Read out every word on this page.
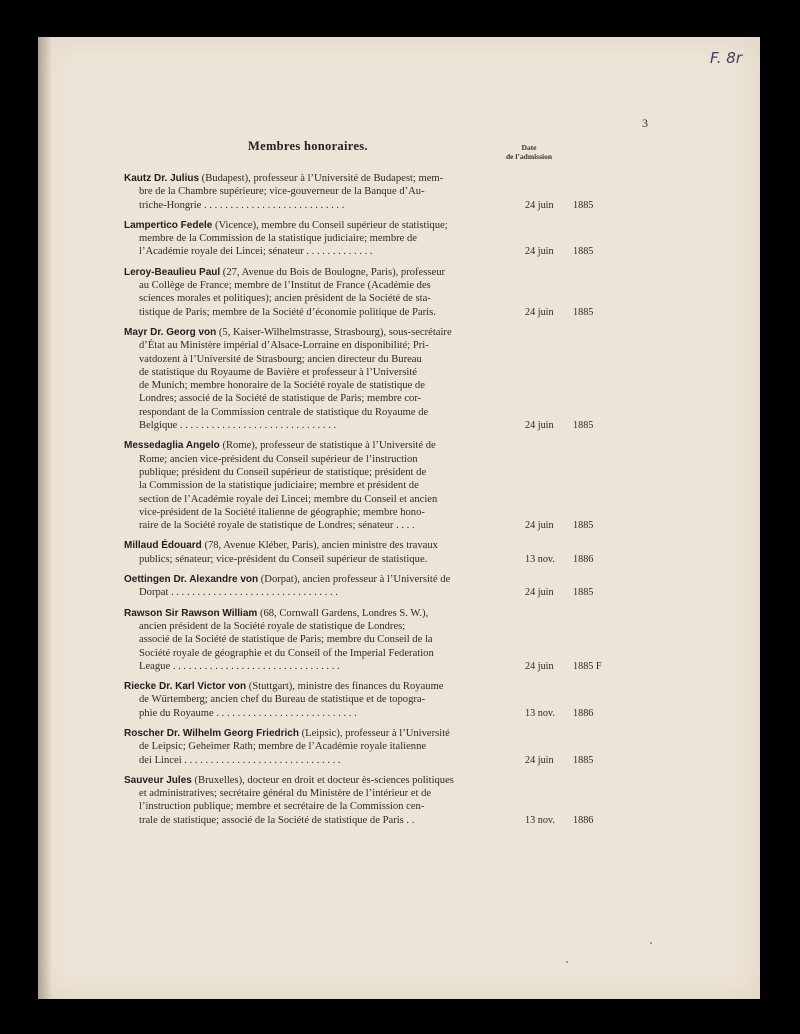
F. 8r
3
Membres honoraires.	Date
de l’admission
Kautz Dr. Julius (Budapest), professeur à l’Université de Budapest; mem-
bre de la Chambre supérieure; vice-gouverneur de la Banque d’Au-
triche-Hongrie . . . . . . . . . . . . . . . . . . . . . . . . . . .	24 juin 1885
Lampertico Fedele (Vicence), membre du Conseil supérieur de statistique;
membre de la Commission de la statistique judiciaire; membre de
l’Académie royale dei Lincei; sénateur . . . . . . . . . . . . .	24 juin 1885
Leroy-Beaulieu Paul (27, Avenue du Bois de Boulogne, Paris), professeur
au Collège de France; membre de l’Institut de France (Académie des
sciences morales et politiques); ancien président de la Société de sta-
tistique de Paris; membre de la Société d’économie politique de Paris.	24 juin 1885
Mayr Dr. Georg von (5, Kaiser-Wilhelmstrasse, Strasbourg), sous-secrétaire
d’État au Ministère impérial d’Alsace-Lorraine en disponibilité; Pri-
vatdozent à l’Université de Strasbourg; ancien directeur du Bureau
de statistique du Royaume de Bavière et professeur à l’Université
de Munich; membre honoraire de la Société royale de statistique de
Londres; associé de la Société de statistique de Paris; membre cor-
respondant de la Commission centrale de statistique du Royaume de
Belgique . . . . . . . . . . . . . . . . . . . . . . . . . . . . . .	24 juin 1885
Messedaglia Angelo (Rome), professeur de statistique à l’Université de
Rome; ancien vice-président du Conseil supérieur de l’instruction
publique; président du Conseil supérieur de statistique; président de
la Commission de la statistique judiciaire; membre et président de
section de l’Académie royale dei Lincei; membre du Conseil et ancien
vice-président de la Société italienne de géographie; membre hono-
raire de la Société royale de statistique de Londres; sénateur . . . .	24 juin 1885
Millaud Édouard (78, Avenue Kléber, Paris), ancien ministre des travaux
publics; sénateur; vice-président du Conseil supérieur de statistique.	13 nov. 1886
Oettingen Dr. Alexandre von (Dorpat), ancien professeur à l’Université de
Dorpat . . . . . . . . . . . . . . . . . . . . . . . . . . . . . . . .	24 juin 1885
Rawson Sir Rawson William (68, Cornwall Gardens, Londres S. W.),
ancien président de la Société royale de statistique de Londres;
associé de la Société de statistique de Paris; membre du Conseil de la
Société royale de géographie et du Conseil of the Imperial Federation
League . . . . . . . . . . . . . . . . . . . . . . . . . . . . . . . .	24 juin 1885 F
Riecke Dr. Karl Victor von (Stuttgart), ministre des finances du Royaume
de Würtemberg; ancien chef du Bureau de statistique et de topogra-
phie du Royaume . . . . . . . . . . . . . . . . . . . . . . . . . . .	13 nov. 1886
Roscher Dr. Wilhelm Georg Friedrich (Leipsic), professeur à l’Université
de Leipsic; Geheimer Rath; membre de l’Académie royale italienne
dei Lincei . . . . . . . . . . . . . . . . . . . . . . . . . . . . . .	24 juin 1885
Sauveur Jules (Bruxelles), docteur en droit et docteur ès-sciences politiques
et administratives; secrétaire général du Ministère de l’intérieur et de
l’instruction publique; membre et secrétaire de la Commission cen-
trale de statistique; associé de la Société de statistique de Paris . .	13 nov. 1886
